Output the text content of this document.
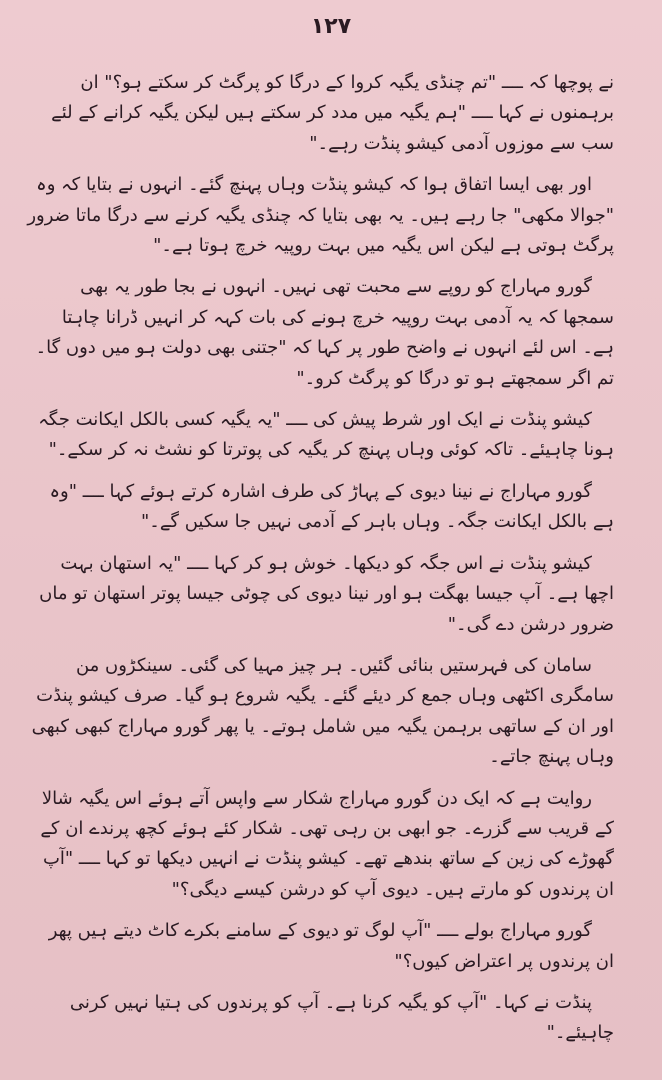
۱۲۷

نے پوچھا کہ ــــ "تم چنڈی یگیہ کروا کے درگا کو پرگٹ کر سکتے ہو؟" ان برہمنوں نے کہا ــــ "ہم یگیہ میں مدد کر سکتے ہیں لیکن یگیہ کرانے کے لئے سب سے موزوں آدمی کیشو پنڈت رہے۔"

اور بھی ایسا اتفاق ہوا کہ کیشو پنڈت وہاں پہنچ گئے۔ انہوں نے بتایا کہ وہ "جوالا مکھی" جا رہے ہیں۔ یہ بھی بتایا کہ چنڈی یگیہ کرنے سے درگا ماتا ضرور پرگٹ ہوتی ہے لیکن اس یگیہ میں بہت روپیہ خرچ ہوتا ہے۔"

گورو مہاراج کو روپے سے محبت تھی نہیں۔ انہوں نے بجا طور یہ بھی سمجھا کہ یہ آدمی بہت روپیہ خرچ ہونے کی بات کہہ کر انہیں ڈرانا چاہتا ہے۔ اس لئے انہوں نے واضح طور پر کہا کہ "جتنی بھی دولت ہو میں دوں گا۔ تم اگر سمجھتے ہو تو درگا کو پرگٹ کرو۔"

کیشو پنڈت نے ایک اور شرط پیش کی ــــ "یہ یگیہ کسی بالکل ایکانت جگہ ہونا چاہیئے۔ تاکہ کوئی وہاں پہنچ کر یگیہ کی پوترتا کو نشٹ نہ کر سکے۔"

گورو مہاراج نے نینا دیوی کے پہاڑ کی طرف اشارہ کرتے ہوئے کہا ــــ "وہ ہے بالکل ایکانت جگہ۔ وہاں باہر کے آدمی نہیں جا سکیں گے۔"

کیشو پنڈت نے اس جگہ کو دیکھا۔ خوش ہو کر کہا ــــ "یہ استھان بہت اچھا ہے۔ آپ جیسا بھگت ہو اور نینا دیوی کی چوٹی جیسا پوتر استھان تو ماں ضرور درشن دے گی۔"

سامان کی فہرستیں بنائی گئیں۔ ہر چیز مہیا کی گئی۔ سینکڑوں من سامگری اکٹھی وہاں جمع کر دیئے گئے۔ یگیہ شروع ہو گیا۔ صرف کیشو پنڈت اور ان کے ساتھی برہمن یگیہ میں شامل ہوتے۔ یا پھر گورو مہاراج کبھی کبھی وہاں پہنچ جاتے۔

روایت ہے کہ ایک دن گورو مہاراج شکار سے واپس آتے ہوئے اس یگیہ شالا کے قریب سے گزرے۔ جو ابھی بن رہی تھی۔ شکار کئے ہوئے کچھ پرندے ان کے گھوڑے کی زین کے ساتھ بندھے تھے۔ کیشو پنڈت نے انہیں دیکھا تو کہا ــــ "آپ ان پرندوں کو مارتے ہیں۔ دیوی آپ کو درشن کیسے دیگی؟"

گورو مہاراج بولے ــــ "آپ لوگ تو دیوی کے سامنے بکرے کاٹ دیتے ہیں پھر ان پرندوں پر اعتراض کیوں؟"

پنڈت نے کہا۔ "آپ کو یگیہ کرنا ہے۔ آپ کو پرندوں کی ہتیا نہیں کرنی چاہیئے۔"
